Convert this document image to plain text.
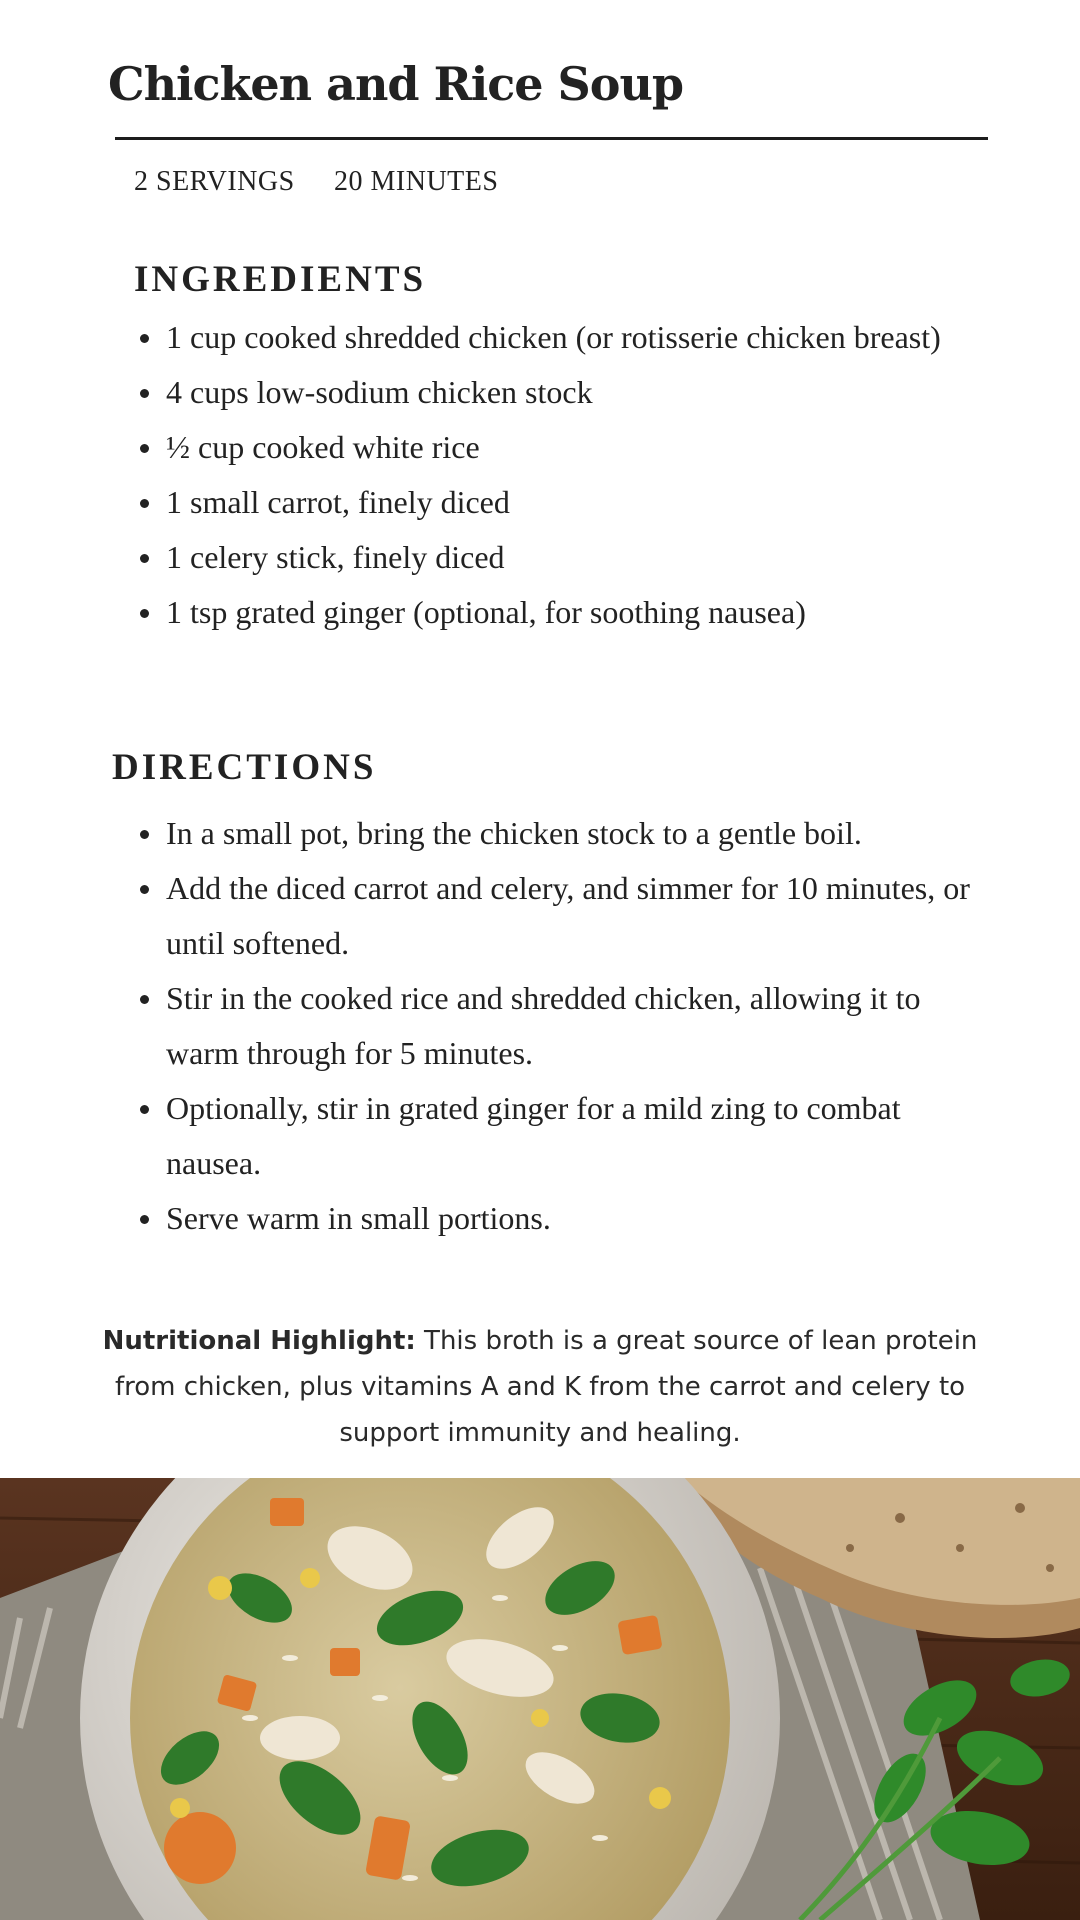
Chicken and Rice Soup
2 SERVINGS 20 MINUTES
INGREDIENTS
1 cup cooked shredded chicken (or rotisserie chicken breast)
4 cups low-sodium chicken stock
½ cup cooked white rice
1 small carrot, finely diced
1 celery stick, finely diced
1 tsp grated ginger (optional, for soothing nausea)
DIRECTIONS
In a small pot, bring the chicken stock to a gentle boil.
Add the diced carrot and celery, and simmer for 10 minutes, or until softened.
Stir in the cooked rice and shredded chicken, allowing it to warm through for 5 minutes.
Optionally, stir in grated ginger for a mild zing to combat nausea.
Serve warm in small portions.

Nutritional Highlight: This broth is a great source of lean protein from chicken, plus vitamins A and K from the carrot and celery to support immunity and healing.
